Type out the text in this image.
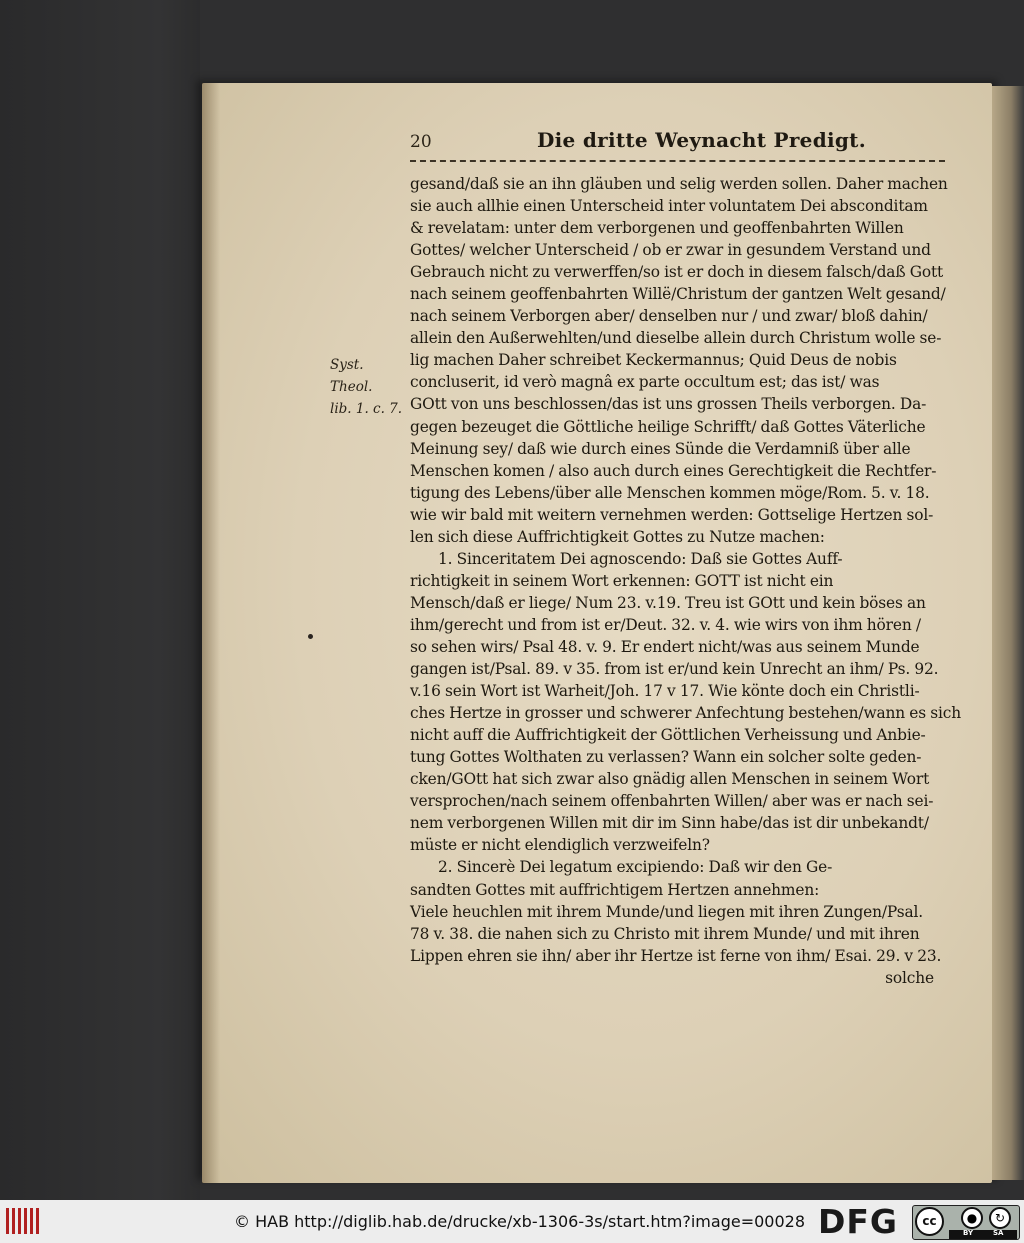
20	Die dritte Weynacht Predigt.
Syst. Theol.
lib. 1. c. 7.
gesand/daß sie an ihn gläuben und selig werden sollen. Daher machen
sie auch allhie einen Unterscheid inter voluntatem Dei absconditam
& revelatam: unter dem verborgenen und geoffenbahrten Willen
Gottes/ welcher Unterscheid / ob er zwar in gesundem Verstand und
Gebrauch nicht zu verwerffen/so ist er doch in diesem falsch/daß Gott
nach seinem geoffenbahrten Willë/Christum der gantzen Welt gesand/
nach seinem Verborgen aber/ denselben nur / und zwar/ bloß dahin/
allein den Außerwehlten/und dieselbe allein durch Christum wolle se-
lig machen Daher schreibet Keckermannus; Quid Deus de nobis
concluserit, id verò magnâ ex parte occultum est; das ist/ was
GOtt von uns beschlossen/das ist uns grossen Theils verborgen. Da-
gegen bezeuget die Göttliche heilige Schrifft/ daß Gottes Väterliche
Meinung sey/ daß wie durch eines Sünde die Verdamniß über alle
Menschen komen / also auch durch eines Gerechtigkeit die Rechtfer-
tigung des Lebens/über alle Menschen kommen möge/Rom. 5. v. 18.
wie wir bald mit weitern vernehmen werden: Gottselige Hertzen sol-
len sich diese Auffrichtigkeit Gottes zu Nutze machen:
1. Sinceritatem Dei agnoscendo: Daß sie Gottes Auff-
richtigkeit in seinem Wort erkennen: GOTT ist nicht ein
Mensch/daß er liege/ Num 23. v.19. Treu ist GOtt und kein böses an
ihm/gerecht und from ist er/Deut. 32. v. 4. wie wirs von ihm hören /
so sehen wirs/ Psal 48. v. 9. Er endert nicht/was aus seinem Munde
gangen ist/Psal. 89. v 35. from ist er/und kein Unrecht an ihm/ Ps. 92.
v.16 sein Wort ist Warheit/Joh. 17 v 17. Wie könte doch ein Christli-
ches Hertze in grosser und schwerer Anfechtung bestehen/wann es sich
nicht auff die Auffrichtigkeit der Göttlichen Verheissung und Anbie-
tung Gottes Wolthaten zu verlassen? Wann ein solcher solte geden-
cken/GOtt hat sich zwar also gnädig allen Menschen in seinem Wort
versprochen/nach seinem offenbahrten Willen/ aber was er nach sei-
nem verborgenen Willen mit dir im Sinn habe/das ist dir unbekandt/
müste er nicht elendiglich verzweifeln?
2. Sincerè Dei legatum excipiendo: Daß wir den Ge-
sandten Gottes mit auffrichtigem Hertzen annehmen:
Viele heuchlen mit ihrem Munde/und liegen mit ihren Zungen/Psal.
78 v. 38. die nahen sich zu Christo mit ihrem Munde/ und mit ihren
Lippen ehren sie ihn/ aber ihr Hertze ist ferne von ihm/ Esai. 29. v 23.
solche
© HAB http://diglib.hab.de/drucke/xb-1306-3s/start.htm?image=00028 DFG	cc	●	↻
BY	SA
